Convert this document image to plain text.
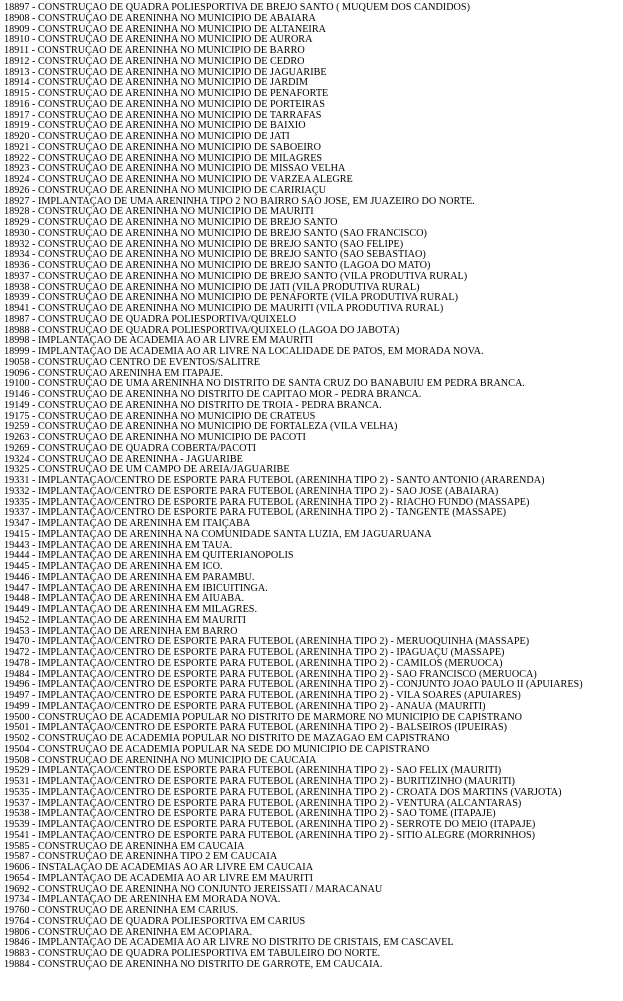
18897 - CONSTRUÇÃO DE QUADRA POLIESPORTIVA DE BREJO SANTO ( MUQUEM DOS CANDIDOS)
18908 - CONSTRUÇÃO DE ARENINHA NO MUNICÍPIO DE ABAIARA
18909 - CONSTRUÇÃO DE ARENINHA NO MUNICÍPIO DE ALTANEIRA
18910 - CONSTRUÇÃO DE ARENINHA NO MUNICÍPIO DE AURORA
18911 - CONSTRUÇÃO DE ARENINHA NO MUNICÍPIO DE BARRO
18912 - CONSTRUÇÃO DE ARENINHA NO MUNICÍPIO DE CEDRO
18913 - CONSTRUÇÃO DE ARENINHA NO MUNICÍPIO DE JAGUARIBE
18914 - CONSTRUÇÃO DE ARENINHA NO MUNICÍPIO DE JARDIM
18915 - CONSTRUÇÃO DE ARENINHA NO MUNICÍPIO DE PENAFORTE
18916 - CONSTRUÇÃO DE ARENINHA NO MUNICÍPIO DE PORTEIRAS
18917 - CONSTRUÇÃO DE ARENINHA NO MUNICÍPIO DE TARRAFAS
18919 - CONSTRUÇÃO DE ARENINHA NO MUNICÍPIO DE BAIXIO
18920 - CONSTRUÇÃO DE ARENINHA NO MUNICÍPIO DE JATI
18921 - CONSTRUÇÃO DE ARENINHA NO MUNICÍPIO DE SABOEIRO
18922 - CONSTRUÇÃO DE ARENINHA NO MUNICÍPIO DE MILAGRES
18923 - CONSTRUÇÃO DE ARENINHA NO MUNICÍPIO DE MISSÃO VELHA
18924 - CONSTRUÇÃO DE ARENINHA NO MUNICÍPIO DE VÁRZEA ALEGRE
18926 - CONSTRUÇÃO DE ARENINHA NO MUNICÍPIO DE CARIRIAÇU
18927 - IMPLANTAÇÃO DE UMA ARENINHA TIPO 2 NO BAIRRO SÃO JOSÉ, EM JUAZEIRO DO NORTE.
18928 - CONSTRUÇÃO DE ARENINHA NO MUNICÍPIO DE MAURITI
18929 - CONSTRUÇÃO DE ARENINHA NO MUNICÍPIO DE BREJO SANTO
18930 - CONSTRUÇÃO DE ARENINHA NO MUNICÍPIO DE BREJO SANTO (SÃO FRANCISCO)
18932 - CONSTRUÇÃO DE ARENINHA NO MUNICÍPIO DE BREJO SANTO (SÃO FELIPE)
18934 - CONSTRUÇÃO DE ARENINHA NO MUNICÍPIO DE BREJO SANTO (SÃO SEBASTIÃO)
18936 - CONSTRUÇÃO DE ARENINHA NO MUNICÍPIO DE BREJO SANTO (LAGOA DO MATO)
18937 - CONSTRUÇÃO DE ARENINHA NO MUNICÍPIO DE BREJO SANTO (VILA PRODUTIVA RURAL)
18938 - CONSTRUÇÃO DE ARENINHA NO MUNICÍPIO DE JATI (VILA PRODUTIVA RURAL)
18939 - CONSTRUÇÃO DE ARENINHA NO MUNICÍPIO DE PENAFORTE (VILA PRODUTIVA RURAL)
18941 - CONSTRUÇÃO DE ARENINHA NO MUNICÍPIO DE MAURITI (VILA PRODUTIVA RURAL)
18987 - CONSTRUÇÃO DE QUADRA POLIESPORTIVA/QUIXELÔ
18988 - CONSTRUÇÃO DE QUADRA POLIESPORTIVA/QUIXELÔ (LAGOA DO JABOTÁ)
18998 - IMPLANTAÇÃO DE ACADEMIA AO AR LIVRE EM MAURITI
18999 - IMPLANTAÇÃO DE ACADEMIA AO AR LIVRE NA LOCALIDADE DE PATOS, EM MORADA NOVA.
19058 - CONSTRUÇÃO CENTRO DE EVENTOS/SALITRE
19096 - CONSTRUÇÃO ARENINHA EM ITAPAJÉ.
19100 - CONSTRUÇÃO DE UMA ARENINHA NO DISTRITO DE SANTA CRUZ DO BANABUIÚ EM PEDRA BRANCA.
19146 - CONSTRUÇÃO DE ARENINHA NO DISTRITO DE CAPITÃO MOR - PEDRA BRANCA.
19149 - CONSTRUÇÃO DE ARENINHA NO DISTRITO DE TROIA - PEDRA BRANCA.
19175 - CONSTRUÇÃO DE ARENINHA NO MUNICÍPIO DE CRATEÚS
19259 - CONSTRUÇÃO DE ARENINHA NO MUNICÍPIO DE FORTALEZA (VILA VELHA)
19263 - CONSTRUÇÃO DE ARENINHA NO MUNICÍPIO DE PACOTI
19269 - CONSTRUÇÃO DE QUADRA COBERTA/PACOTI
19324 - CONSTRUÇÃO DE ARENINHA - JAGUARIBE
19325 - CONSTRUÇÃO DE UM CAMPO DE AREIA/JAGUARIBE
19331 - IMPLANTAÇÃO/CENTRO DE ESPORTE PARA FUTEBOL (ARENINHA TIPO 2) - SANTO ANTÔNIO (ARARENDÁ)
19332 - IMPLANTAÇÃO/CENTRO DE ESPORTE PARA FUTEBOL (ARENINHA TIPO 2) - SÃO JOSÉ (ABAIARA)
19335 - IMPLANTAÇÃO/CENTRO DE ESPORTE PARA FUTEBOL (ARENINHA TIPO 2) - RIACHO FUNDO (MASSAPÊ)
19337 - IMPLANTAÇÃO/CENTRO DE ESPORTE PARA FUTEBOL (ARENINHA TIPO 2) - TANGENTE (MASSAPÊ)
19347 - IMPLANTAÇÃO DE ARENINHA EM ITAIÇABA
19415 - IMPLANTAÇÃO DE ARENINHA NA COMUNIDADE SANTA LUZIA, EM JAGUARUANA
19443 - IMPLANTAÇÃO DE ARENINHA EM TAUÁ.
19444 - IMPLANTAÇÃO DE ARENINHA EM QUITERIANÓPOLIS
19445 - IMPLANTAÇÃO DE ARENINHA EM ICÓ.
19446 - IMPLANTAÇÃO DE ARENINHA EM PARAMBU.
19447 - IMPLANTAÇÃO DE ARENINHA EM IBICUITINGA.
19448 - IMPLANTAÇÃO DE ARENINHA EM AIUABA.
19449 - IMPLANTAÇÃO DE ARENINHA EM MILAGRES.
19452 - IMPLANTAÇÃO DE ARENINHA EM MAURITI
19453 - IMPLANTAÇÃO DE ARENINHA EM BARRO
19470 - IMPLANTAÇÃO/CENTRO DE ESPORTE PARA FUTEBOL (ARENINHA TIPO 2) - MERUOQUINHA (MASSAPÊ)
19472 - IMPLANTAÇÃO/CENTRO DE ESPORTE PARA FUTEBOL (ARENINHA TIPO 2) - IPAGUAÇU (MASSAPÊ)
19478 - IMPLANTAÇÃO/CENTRO DE ESPORTE PARA FUTEBOL (ARENINHA TIPO 2) - CAMILOS (MERUOCA)
19484 - IMPLANTAÇÃO/CENTRO DE ESPORTE PARA FUTEBOL (ARENINHA TIPO 2) - SÃO FRANCISCO (MERUOCA)
19496 - IMPLANTAÇÃO/CENTRO DE ESPORTE PARA FUTEBOL (ARENINHA TIPO 2) - CONJUNTO JOÃO PAULO II (APUIARÉS)
19497 - IMPLANTAÇÃO/CENTRO DE ESPORTE PARA FUTEBOL (ARENINHA TIPO 2) - VILA SOARES (APUIARÉS)
19499 - IMPLANTAÇÃO/CENTRO DE ESPORTE PARA FUTEBOL (ARENINHA TIPO 2) - ANAUÁ (MAURITI)
19500 - CONSTRUÇÃO DE ACADEMIA POPULAR NO DISTRITO DE MARMORÉ NO MUNICÍPIO DE CAPISTRANO
19501 - IMPLANTAÇÃO/CENTRO DE ESPORTE PARA FUTEBOL (ARENINHA TIPO 2) - BALSEIROS (IPUEIRAS)
19502 - CONSTRUÇÃO DE ACADEMIA POPULAR NO DISTRITO DE MAZAGÃO EM CAPISTRANO
19504 - CONSTRUÇÃO DE ACADEMIA POPULAR NA SEDE DO MUNICÍPIO DE CAPISTRANO
19508 - CONSTRUÇÃO DE ARENINHA NO MUNICÍPIO DE CAUCAIA
19529 - IMPLANTAÇÃO/CENTRO DE ESPORTE PARA FUTEBOL (ARENINHA TIPO 2) - SÃO FÉLIX (MAURITI)
19531 - IMPLANTAÇÃO/CENTRO DE ESPORTE PARA FUTEBOL (ARENINHA TIPO 2) - BURITIZINHO (MAURITI)
19535 - IMPLANTAÇÃO/CENTRO DE ESPORTE PARA FUTEBOL (ARENINHA TIPO 2) - CROATÁ DOS MARTINS (VARJOTA)
19537 - IMPLANTAÇÃO/CENTRO DE ESPORTE PARA FUTEBOL (ARENINHA TIPO 2) - VENTURA (ALCÂNTARAS)
19538 - IMPLANTAÇÃO/CENTRO DE ESPORTE PARA FUTEBOL (ARENINHA TIPO 2) - SÃO TOMÉ (ITAPAJÉ)
19539 - IMPLANTAÇÃO/CENTRO DE ESPORTE PARA FUTEBOL (ARENINHA TIPO 2) - SERROTE DO MEIO (ITAPAJÉ)
19541 - IMPLANTAÇÃO/CENTRO DE ESPORTE PARA FUTEBOL (ARENINHA TIPO 2) - SÍTIO ALEGRE (MORRINHOS)
19585 - CONSTRUÇÃO DE ARENINHA EM CAUCAIA
19587 - CONSTRUÇÃO DE ARENINHA TIPO 2 EM CAUCAIA
19606 - INSTALAÇÃO DE ACADEMIAS AO AR LIVRE EM CAUCAIA
19654 - IMPLANTAÇÃO DE ACADEMIA AO AR LIVRE EM MAURITI
19692 - CONSTRUÇÃO DE ARENINHA NO CONJUNTO JEREISSATI / MARACANAÚ
19734 - IMPLANTAÇÃO DE ARENINHA EM MORADA NOVA.
19760 - CONSTRUÇÃO DE ARENINHA EM CARIÚS.
19764 - CONSTRUÇÃO DE QUADRA POLIESPORTIVA EM CARIÚS
19806 - CONSTRUÇÃO DE ARENINHA EM ACOPIARA.
19846 - IMPLANTAÇÃO DE ACADEMIA AO AR LIVRE NO DISTRITO DE CRISTAIS, EM CASCAVEL
19883 - CONSTRUÇÃO DE QUADRA POLIESPORTIVA EM TABULEIRO DO NORTE.
19884 - CONSTRUÇÃO DE ARENINHA NO DISTRITO DE GARROTE, EM CAUCAIA.
